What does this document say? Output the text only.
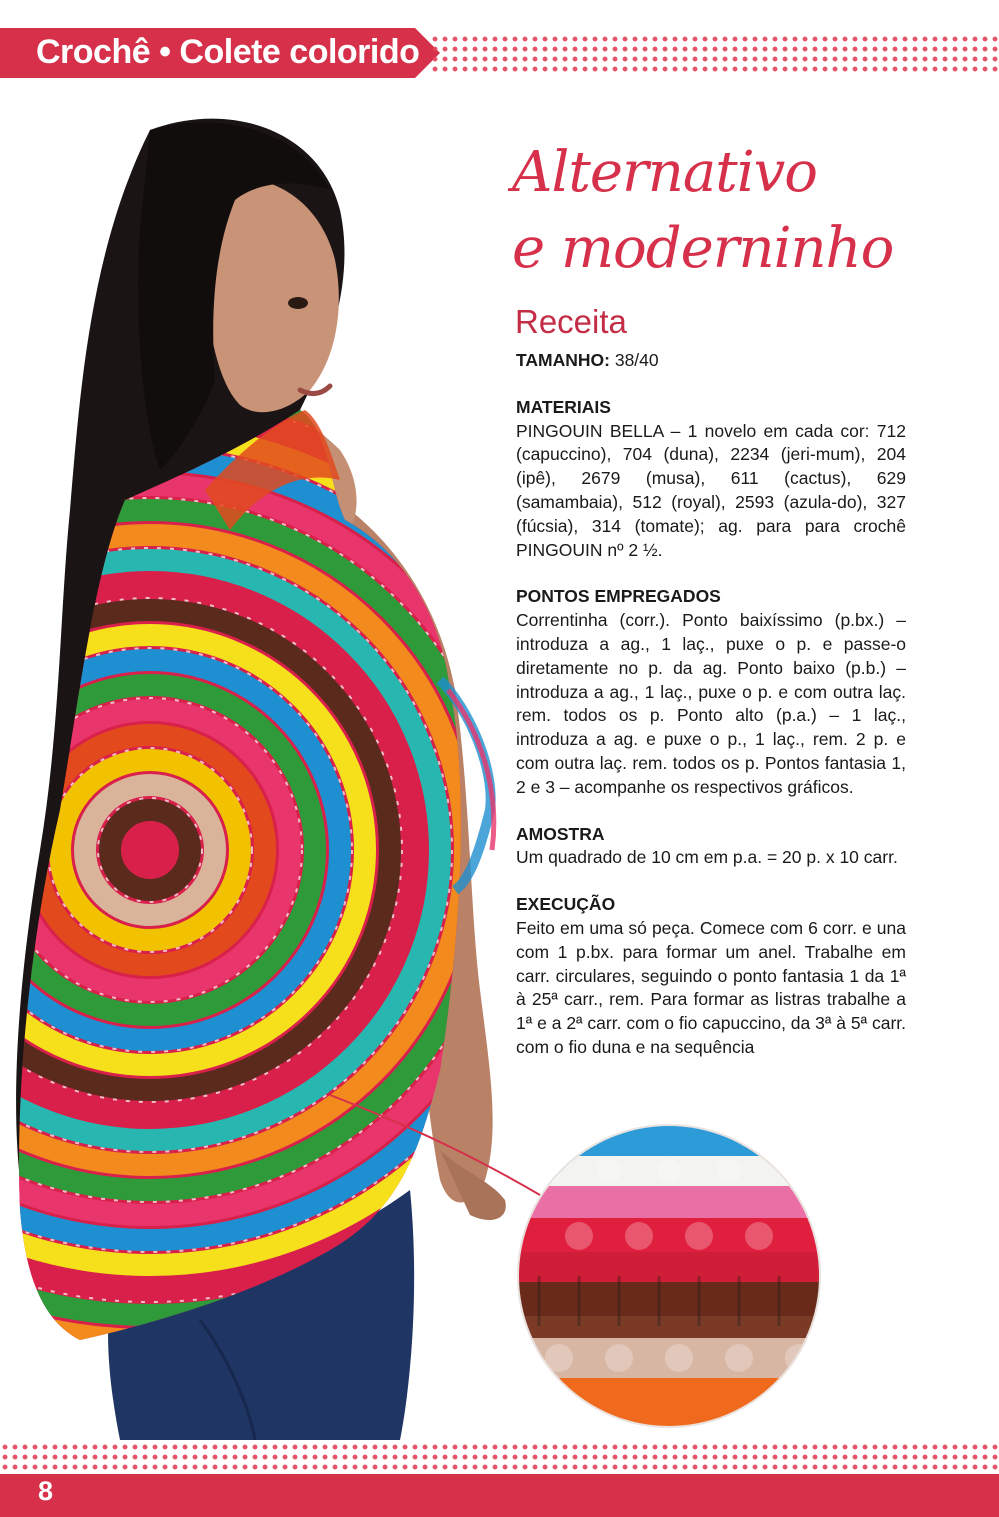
Crochê • Colete colorido
Alternativo
e moderninho
Receita

TAMANHO: 38/40

MATERIAIS

PINGOUIN BELLA – 1 novelo em cada cor: 712 (capuccino), 704 (duna), 2234 (jeri-mum), 204 (ipê), 2679 (musa), 611 (cactus), 629 (samambaia), 512 (royal), 2593 (azula-do), 327 (fúcsia), 314 (tomate); ag. para para crochê PINGOUIN nº 2 ½.

PONTOS EMPREGADOS

Correntinha (corr.). Ponto baixíssimo (p.bx.) – introduza a ag., 1 laç., puxe o p. e passe-o diretamente no p. da ag. Ponto baixo (p.b.) – introduza a ag., 1 laç., puxe o p. e com outra laç. rem. todos os p. Ponto alto (p.a.) – 1 laç., introduza a ag. e puxe o p., 1 laç., rem. 2 p. e com outra laç. rem. todos os p. Pontos fantasia 1, 2 e 3 – acompanhe os respectivos gráficos.

AMOSTRA

Um quadrado de 10 cm em p.a. = 20 p. x 10 carr.

EXECUÇÃO

Feito em uma só peça. Comece com 6 corr. e una com 1 p.bx. para formar um anel. Trabalhe em carr. circulares, seguindo o ponto fantasia 1 da 1ª à 25ª carr., rem. Para formar as listras trabalhe a 1ª e a 2ª carr. com o fio capuccino, da 3ª à 5ª carr. com o fio duna e na sequência

8
